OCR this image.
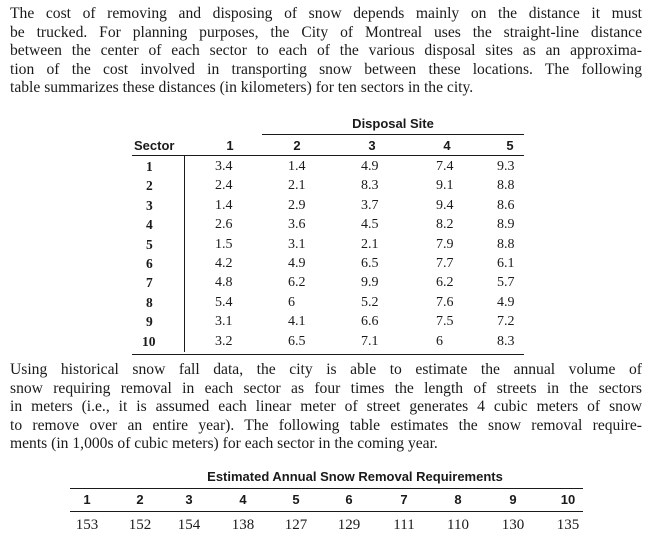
The cost of removing and disposing of snow depends mainly on the distance it must
be trucked. For planning purposes, the City of Montreal uses the straight-line distance
between the center of each sector to each of the various disposal sites as an approxima-
tion of the cost involved in transporting snow between these locations. The following
table summarizes these distances (in kilometers) for ten sectors in the city.

Disposal Site
Sector	1	2	3	4	5
1	3.4	1.4	4.9	7.4	9.3
2	2.4	2.1	8.3	9.1	8.8
3	1.4	2.9	3.7	9.4	8.6
4	2.6	3.6	4.5	8.2	8.9
5	1.5	3.1	2.1	7.9	8.8
6	4.2	4.9	6.5	7.7	6.1
7	4.8	6.2	9.9	6.2	5.7
8	5.4	6	5.2	7.6	4.9
9	3.1	4.1	6.6	7.5	7.2
10	3.2	6.5	7.1	6	8.3

Using historical snow fall data, the city is able to estimate the annual volume of
snow requiring removal in each sector as four times the length of streets in the sectors
in meters (i.e., it is assumed each linear meter of street generates 4 cubic meters of snow
to remove over an entire year). The following table estimates the snow removal require-
ments (in 1,000s of cubic meters) for each sector in the coming year.

Estimated Annual Snow Removal Requirements
1	2	3	4	5	6	7	8	9	10
153 152 154 138 127 129 111 110 130 135
